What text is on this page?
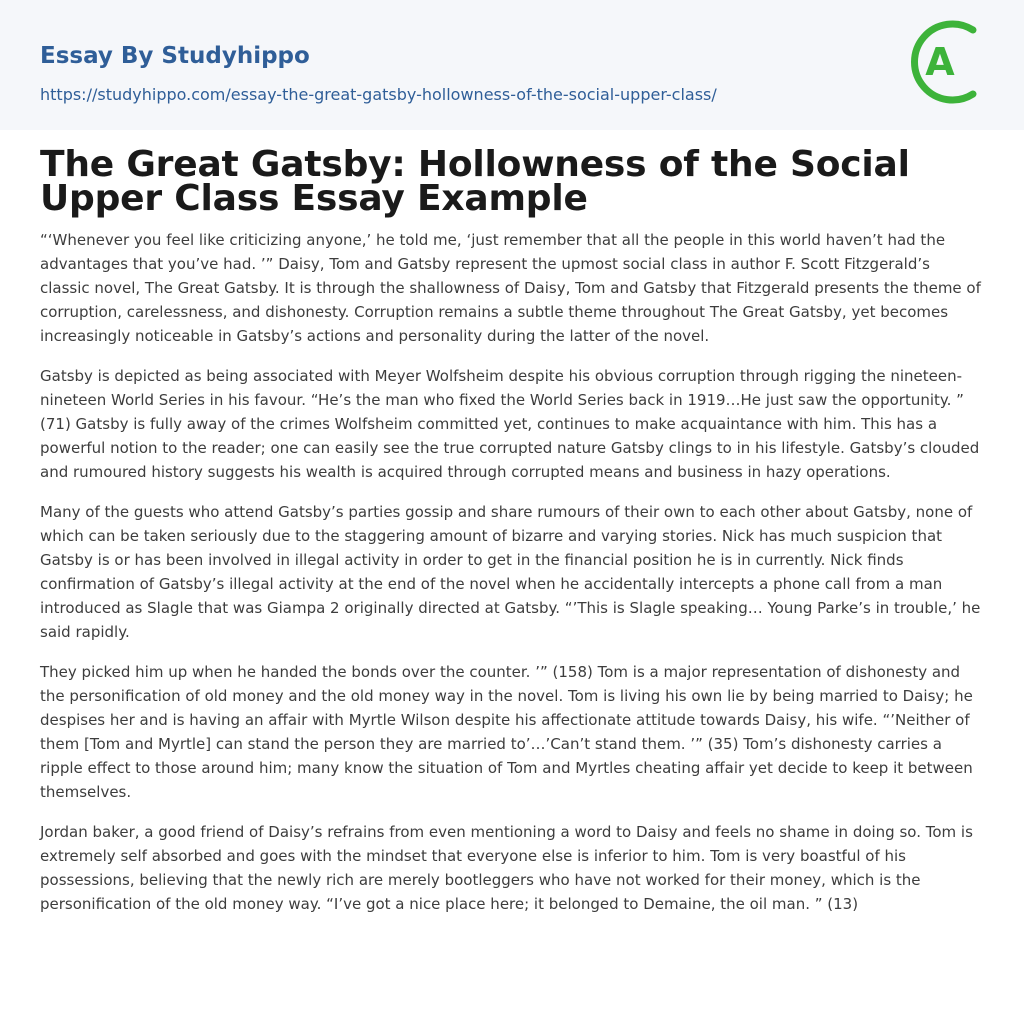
Essay By Studyhippo
https://studyhippo.com/essay-the-great-gatsby-hollowness-of-the-social-upper-class/
A
The Great Gatsby: Hollowness of the Social Upper Class Essay Example

“‘Whenever you feel like criticizing anyone,’ he told me, ‘just remember that all the people in this world haven’t had the advantages that you’ve had. ’” Daisy, Tom and Gatsby represent the upmost social class in author F. Scott Fitzgerald’s classic novel, The Great Gatsby. It is through the shallowness of Daisy, Tom and Gatsby that Fitzgerald presents the theme of corruption, carelessness, and dishonesty. Corruption remains a subtle theme throughout The Great Gatsby, yet becomes increasingly noticeable in Gatsby’s actions and personality during the latter of the novel.

Gatsby is depicted as being associated with Meyer Wolfsheim despite his obvious corruption through rigging the nineteen-nineteen World Series in his favour. “He’s the man who fixed the World Series back in 1919…He just saw the opportunity. ” (71) Gatsby is fully away of the crimes Wolfsheim committed yet, continues to make acquaintance with him. This has a powerful notion to the reader; one can easily see the true corrupted nature Gatsby clings to in his lifestyle. Gatsby’s clouded and rumoured history suggests his wealth is acquired through corrupted means and business in hazy operations.

Many of the guests who attend Gatsby’s parties gossip and share rumours of their own to each other about Gatsby, none of which can be taken seriously due to the staggering amount of bizarre and varying stories. Nick has much suspicion that Gatsby is or has been involved in illegal activity in order to get in the financial position he is in currently. Nick finds confirmation of Gatsby’s illegal activity at the end of the novel when he accidentally intercepts a phone call from a man introduced as Slagle that was Giampa 2 originally directed at Gatsby. “’This is Slagle speaking… Young Parke’s in trouble,’ he said rapidly.

They picked him up when he handed the bonds over the counter. ’” (158) Tom is a major representation of dishonesty and the personification of old money and the old money way in the novel. Tom is living his own lie by being married to Daisy; he despises her and is having an affair with Myrtle Wilson despite his affectionate attitude towards Daisy, his wife. “’Neither of them [Tom and Myrtle] can stand the person they are married to’…’Can’t stand them. ’” (35) Tom’s dishonesty carries a ripple effect to those around him; many know the situation of Tom and Myrtles cheating affair yet decide to keep it between themselves.

Jordan baker, a good friend of Daisy’s refrains from even mentioning a word to Daisy and feels no shame in doing so. Tom is extremely self absorbed and goes with the mindset that everyone else is inferior to him. Tom is very boastful of his possessions, believing that the newly rich are merely bootleggers who have not worked for their money, which is the personification of the old money way. “I’ve got a nice place here; it belonged to Demaine, the oil man. ” (13)
